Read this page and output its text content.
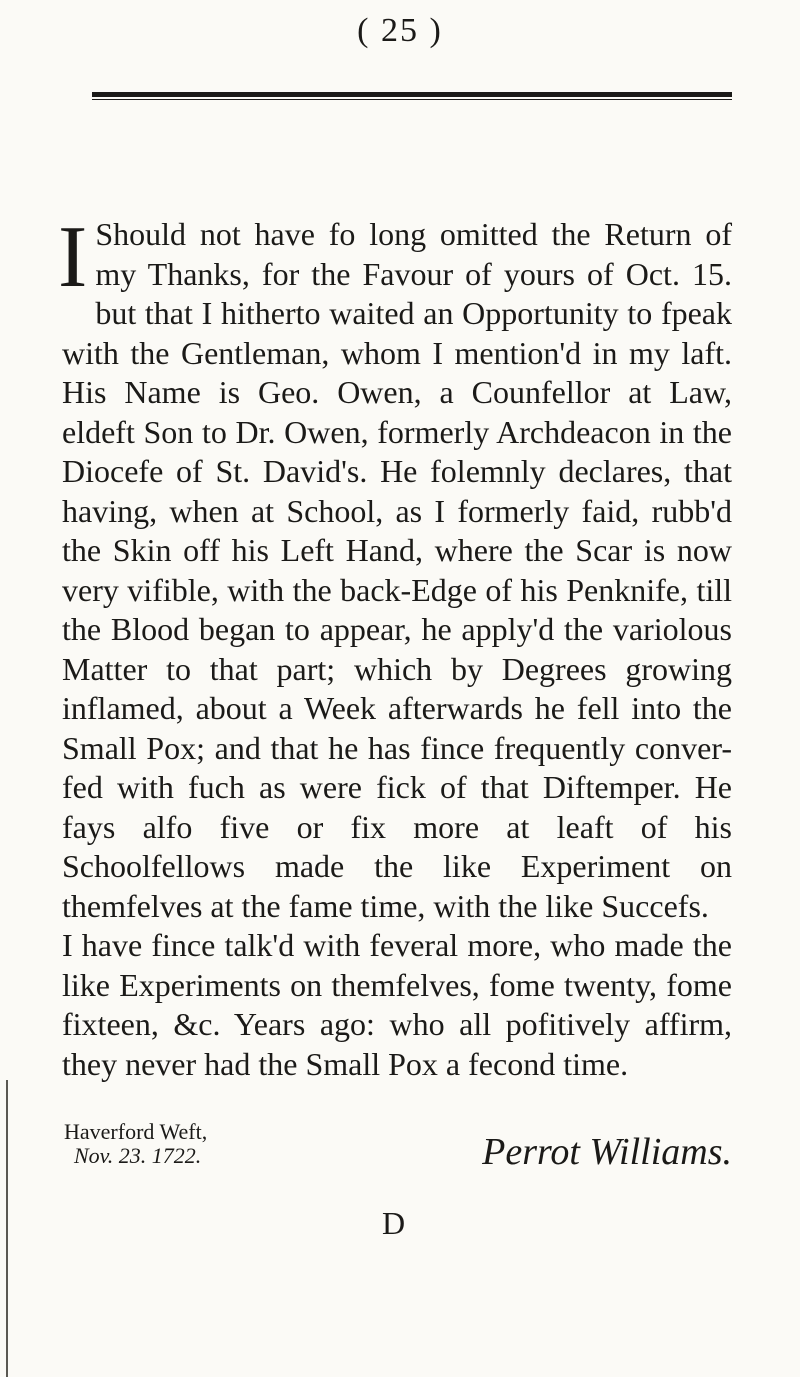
( 25 )

I Should not have fo long omitted the Return of my Thanks, for the Favour of yours of Oct. 15. but that I hitherto waited an Opportunity to fpeak with the Gentleman, whom I mention'd in my laft. His Name is Geo. Owen, a Counfellor at Law, eldeft Son to Dr. Owen, formerly Archdeacon in the Diocefe of St. David's. He folemnly declares, that having, when at School, as I formerly faid, rubb'd the Skin off his Left Hand, where the Scar is now very vifible, with the back-Edge of his Penknife, till the Blood began to appear, he apply'd the variolous Matter to that part; which by Degrees growing inflamed, about a Week afterwards he fell into the Small Pox; and that he has fince frequently conver-fed with fuch as were fick of that Diftemper. He fays alfo five or fix more at leaft of his Schoolfellows made the like Experiment on themfelves at the fame time, with the like Succefs.

I have fince talk'd with feveral more, who made the like Experiments on themfelves, fome twenty, fome fixteen, &c. Years ago: who all pofitively affirm, they never had the Small Pox a fecond time.

Haverford Weft,
Nov. 23. 1722.	Perrot Williams.
D
